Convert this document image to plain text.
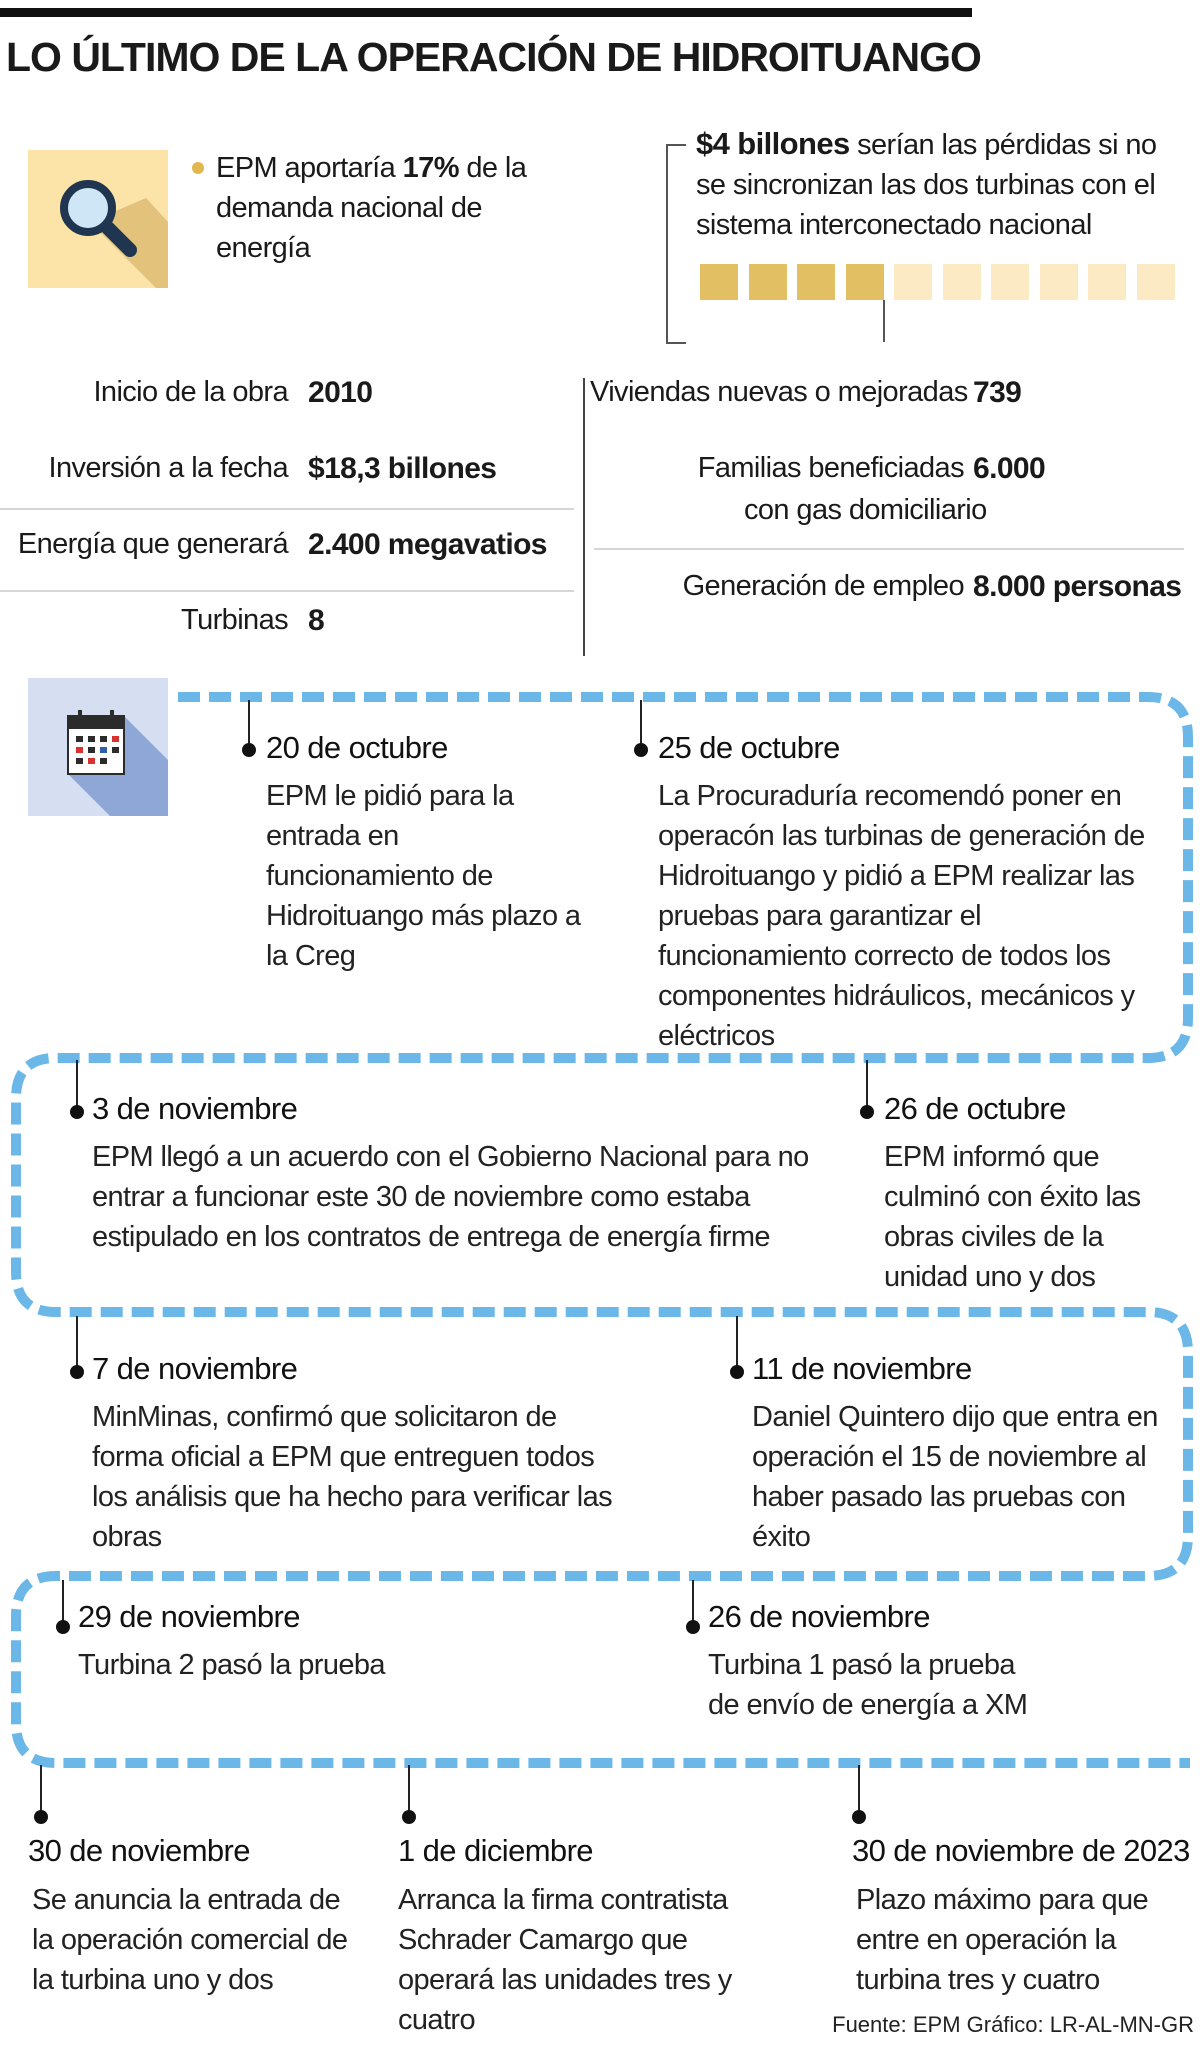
LO ÚLTIMO DE LA OPERACIÓN DE HIDROITUANGO
EPM aportaría 17% de la demanda nacional de energía
$4 billones serían las pérdidas si no se sincronizan las dos turbinas con el sistema interconectado nacional
Inicio de la obra 2010
Inversión a la fecha $18,3 billones
Energía que generará 2.400 megavatios
Turbinas 8
Viviendas nuevas o mejoradas 739
Familias beneficiadas 6.000
con gas domiciliario
Generación de empleo 8.000 personas
20 de octubre
EPM le pidió para la entrada en funcionamiento de Hidroituango más plazo a la Creg
25 de octubre
La Procuraduría recomendó poner en operacón las turbinas de generación de Hidroituango y pidió a EPM realizar las pruebas para garantizar el funcionamiento correcto de todos los componentes hidráulicos, mecánicos y eléctricos
26 de octubre
EPM informó que culminó con éxito las obras civiles de la unidad uno y dos
3 de noviembre
EPM llegó a un acuerdo con el Gobierno Nacional para no entrar a funcionar este 30 de noviembre como estaba estipulado en los contratos de entrega de energía firme
7 de noviembre
MinMinas, confirmó que solicitaron de forma oficial a EPM que entreguen todos los análisis que ha hecho para verificar las obras
11 de noviembre
Daniel Quintero dijo que entra en operación el 15 de noviembre al haber pasado las pruebas con éxito
26 de noviembre
Turbina 1 pasó la prueba de envío de energía a XM
29 de noviembre
Turbina 2 pasó la prueba
30 de noviembre
Se anuncia la entrada de la operación comercial de la turbina uno y dos
1 de diciembre
Arranca la firma contratista Schrader Camargo que operará las unidades tres y cuatro
30 de noviembre de 2023
Plazo máximo para que entre en operación la turbina tres y cuatro
Fuente: EPM Gráfico: LR-AL-MN-GR
